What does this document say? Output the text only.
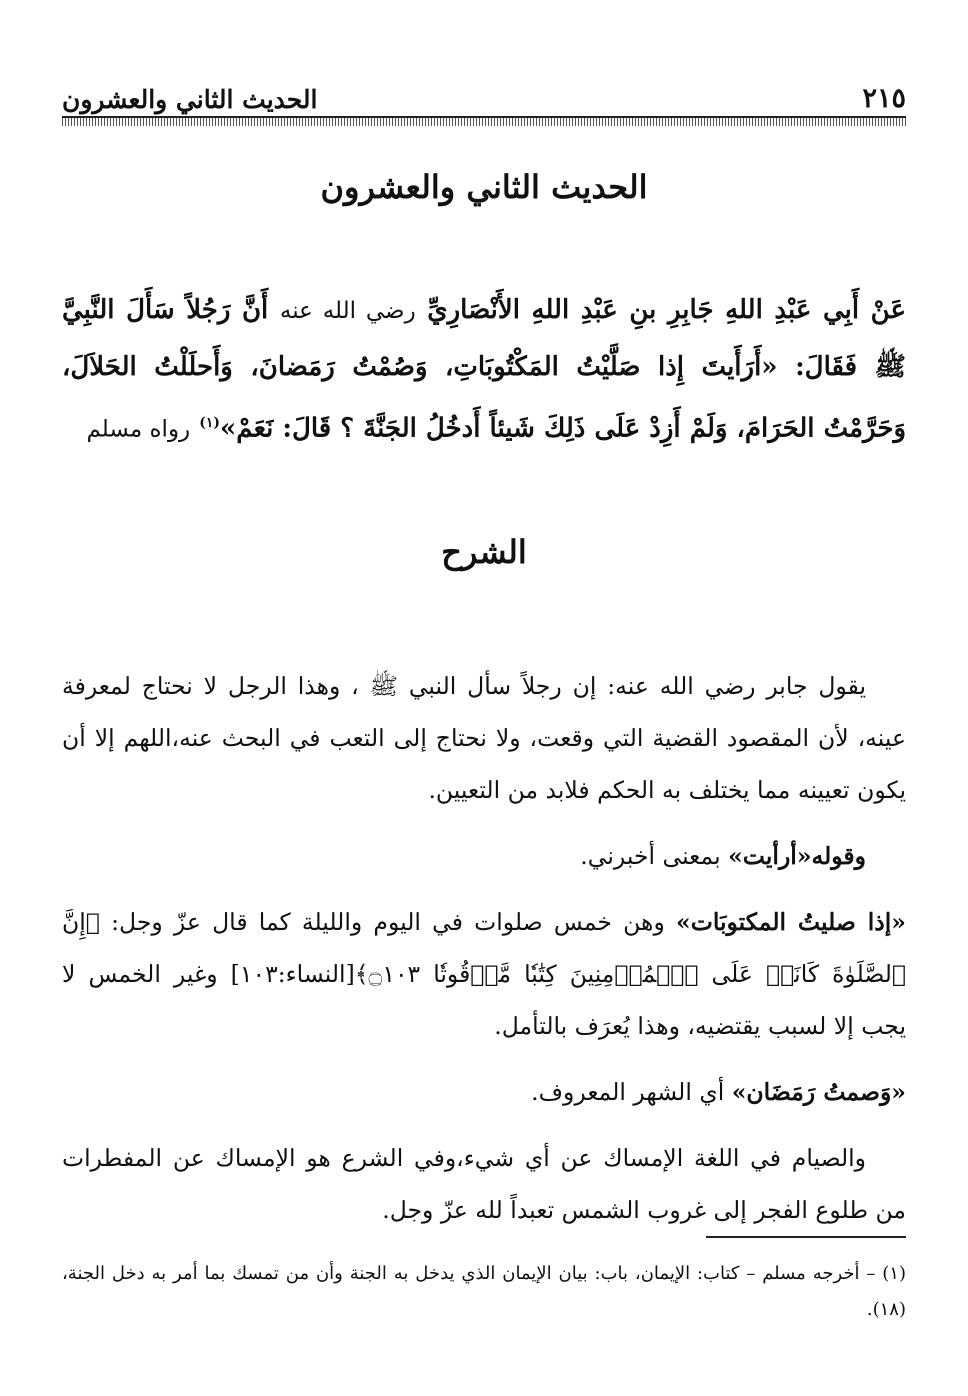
٢١٥
الحديث الثاني والعشرون
الحديث الثاني والعشرون
عَنْ أَبِي عَبْدِ اللهِ جَابِرِ بنِ عَبْدِ اللهِ الأَنْصَارِيِّ رضي الله عنه أَنَّ رَجُلاً سَأَلَ النَّبِيَّ ﷺ فَقَالَ: «أَرَأَيتَ إِذا صَلَّيْتُ المَكْتُوبَاتِ، وَصُمْتُ رَمَضانَ، وَأَحلَلْتُ الحَلاَلَ، وَحَرَّمْتُ الحَرَامَ، وَلَمْ أَزِدْ عَلَى ذَلِكَ شَيئاً أَدخُلُ الجَنَّةَ ؟ قَالَ: نَعَمْ»$^{(١)}$ رواه مسلم
الشرح

يقول جابر رضي الله عنه: إن رجلاً سأل النبي ﷺ ، وهذا الرجل لا نحتاج لمعرفة عينه، لأن المقصود القضية التي وقعت، ولا نحتاج إلى التعب في البحث عنه،اللهم إلا أن يكون تعيينه مما يختلف به الحكم فلابد من التعيين.

وقوله«أرأيت» بمعنى أخبرني.

«إذا صليتُ المكتوبَات» وهن خمس صلوات في اليوم والليلة كما قال عزّ وجل: ﴿إِنَّ ٱلصَّلَوٰةَ كَانَتۡ عَلَى ٱلۡمُؤۡمِنِينَ كِتَٰبٗا مَّوۡقُوتٗا ۝١٠٣﴾[النساء:١٠٣] وغير الخمس لا يجب إلا لسبب يقتضيه، وهذا يُعرَف بالتأمل.

«وَصمتُ رَمَضَان» أي الشهر المعروف.

والصيام في اللغة الإمساك عن أي شيء،وفي الشرع هو الإمساك عن المفطرات من طلوع الفجر إلى غروب الشمس تعبداً لله عزّ وجل.

(١) – أخرجه مسلم – كتاب: الإيمان، باب: بيان الإيمان الذي يدخل به الجنة وأن من تمسك بما أمر به دخل الجنة، (١٨).
